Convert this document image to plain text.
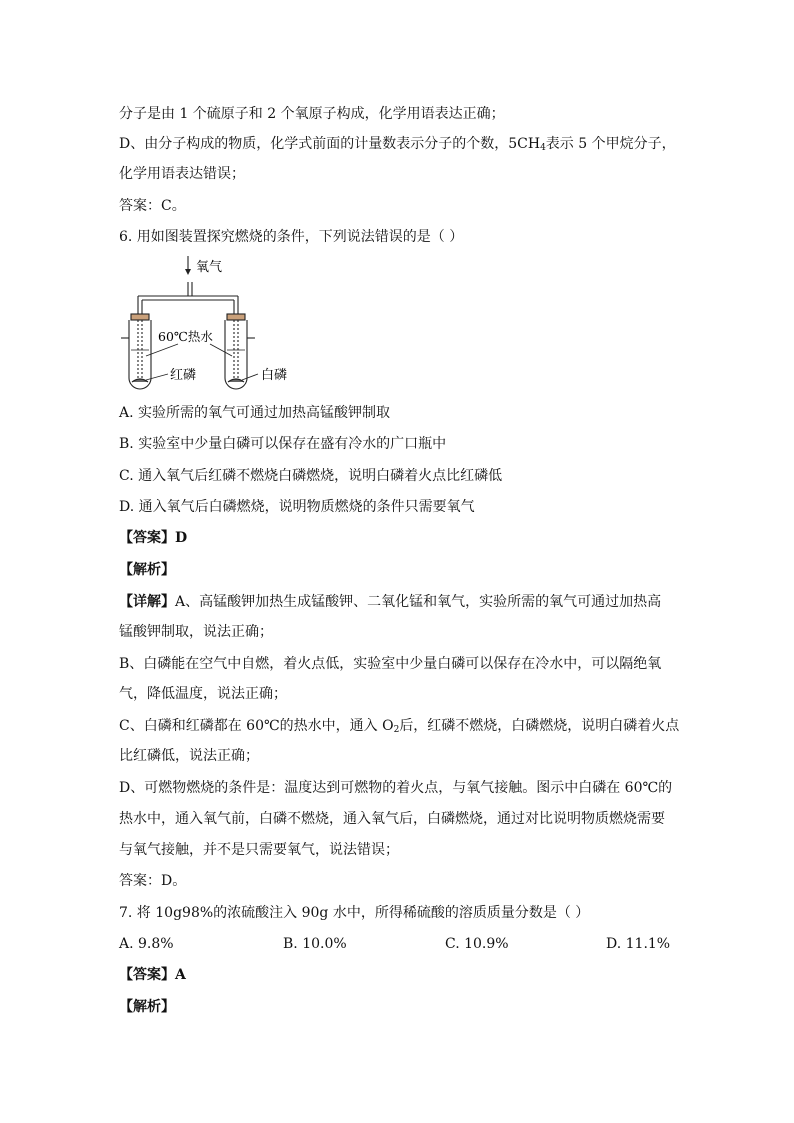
分子是由 1 个硫原子和 2 个氧原子构成，化学用语表达正确；
D、由分子构成的物质，化学式前面的计量数表示分子的个数，$5CH_4$表示 5 个甲烷分子，
化学用语表达错误；
答案：C。
6. 用如图装置探究燃烧的条件，下列说法错误的是（ ）
氧气
60℃热水
红磷	白磷
A. 实验所需的氧气可通过加热高锰酸钾制取
B. 实验室中少量白磷可以保存在盛有冷水的广口瓶中
C. 通入氧气后红磷不燃烧白磷燃烧，说明白磷着火点比红磷低
D. 通入氧气后白磷燃烧，说明物质燃烧的条件只需要氧气
【答案】D
【解析】
【详解】A、高锰酸钾加热生成锰酸钾、二氧化锰和氧气，实验所需的氧气可通过加热高
锰酸钾制取，说法正确；
B、白磷能在空气中自燃，着火点低，实验室中少量白磷可以保存在冷水中，可以隔绝氧
气，降低温度，说法正确；
C、白磷和红磷都在 60℃的热水中，通入 $O_2$后，红磷不燃烧，白磷燃烧，说明白磷着火点
比红磷低，说法正确；
D、可燃物燃烧的条件是：温度达到可燃物的着火点，与氧气接触。图示中白磷在 60℃的
热水中，通入氧气前，白磷不燃烧，通入氧气后，白磷燃烧，通过对比说明物质燃烧需要
与氧气接触，并不是只需要氧气，说法错误；
答案：D。
7. 将 10g98%的浓硫酸注入 90g 水中，所得稀硫酸的溶质质量分数是（ ）
A. 9.8%	B. 10.0%	C. 10.9%	D. 11.1%
【答案】A
【解析】
